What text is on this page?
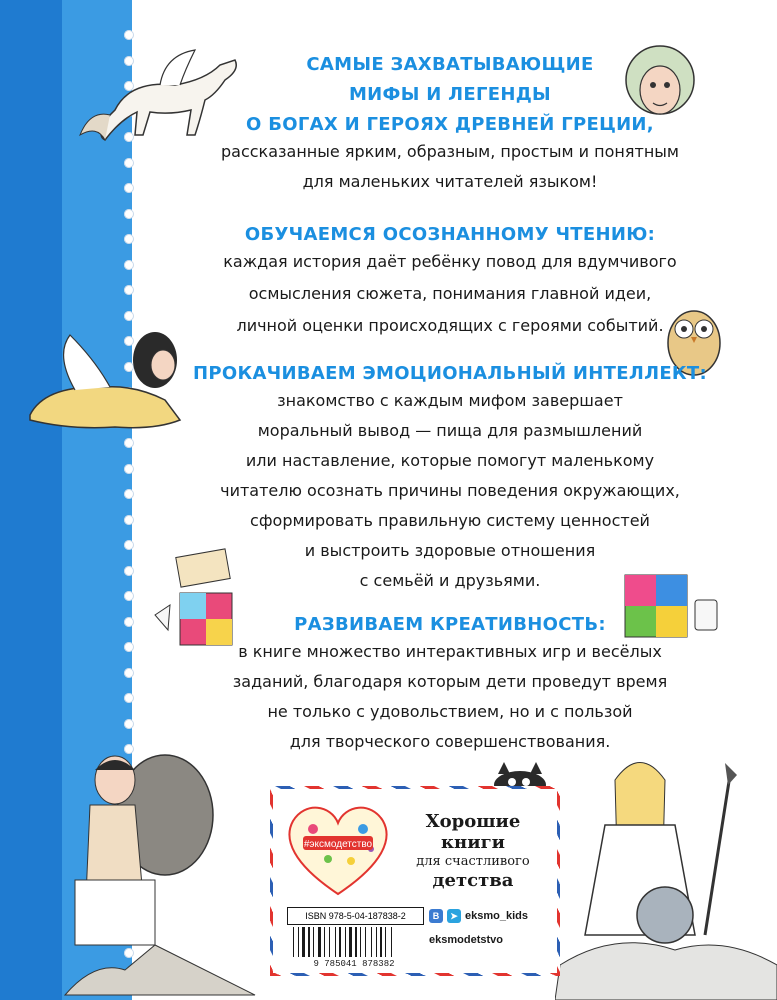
САМЫЕ ЗАХВАТЫВАЮЩИЕ
МИФЫ И ЛЕГЕНДЫ
О БОГАХ И ГЕРОЯХ ДРЕВНЕЙ ГРЕЦИИ,
рассказанные ярким, образным, простым и понятным
для маленьких читателей языком!
ОБУЧАЕМСЯ ОСОЗНАННОМУ ЧТЕНИЮ:
каждая история даёт ребёнку повод для вдумчивого
осмысления сюжета, понимания главной идеи,
личной оценки происходящих с героями событий.
ПРОКАЧИВАЕМ ЭМОЦИОНАЛЬНЫЙ ИНТЕЛЛЕКТ:
знакомство с каждым мифом завершает
моральный вывод — пища для размышлений
или наставление, которые помогут маленькому
читателю осознать причины поведения окружающих,
сформировать правильную систему ценностей
и выстроить здоровые отношения
с семьёй и друзьями.
РАЗВИВАЕМ КРЕАТИВНОСТЬ:
в книге множество интерактивных игр и весёлых
заданий, благодаря которым дети проведут время
не только с удовольствием, но и с пользой
для творческого совершенствования.
#эксмодетство
Хорошие
книги
для счастливого
детства
ISBN 978-5-04-187838-2
9 785041 878382
В	➤ eksmo_kids
eksmodetstvo
